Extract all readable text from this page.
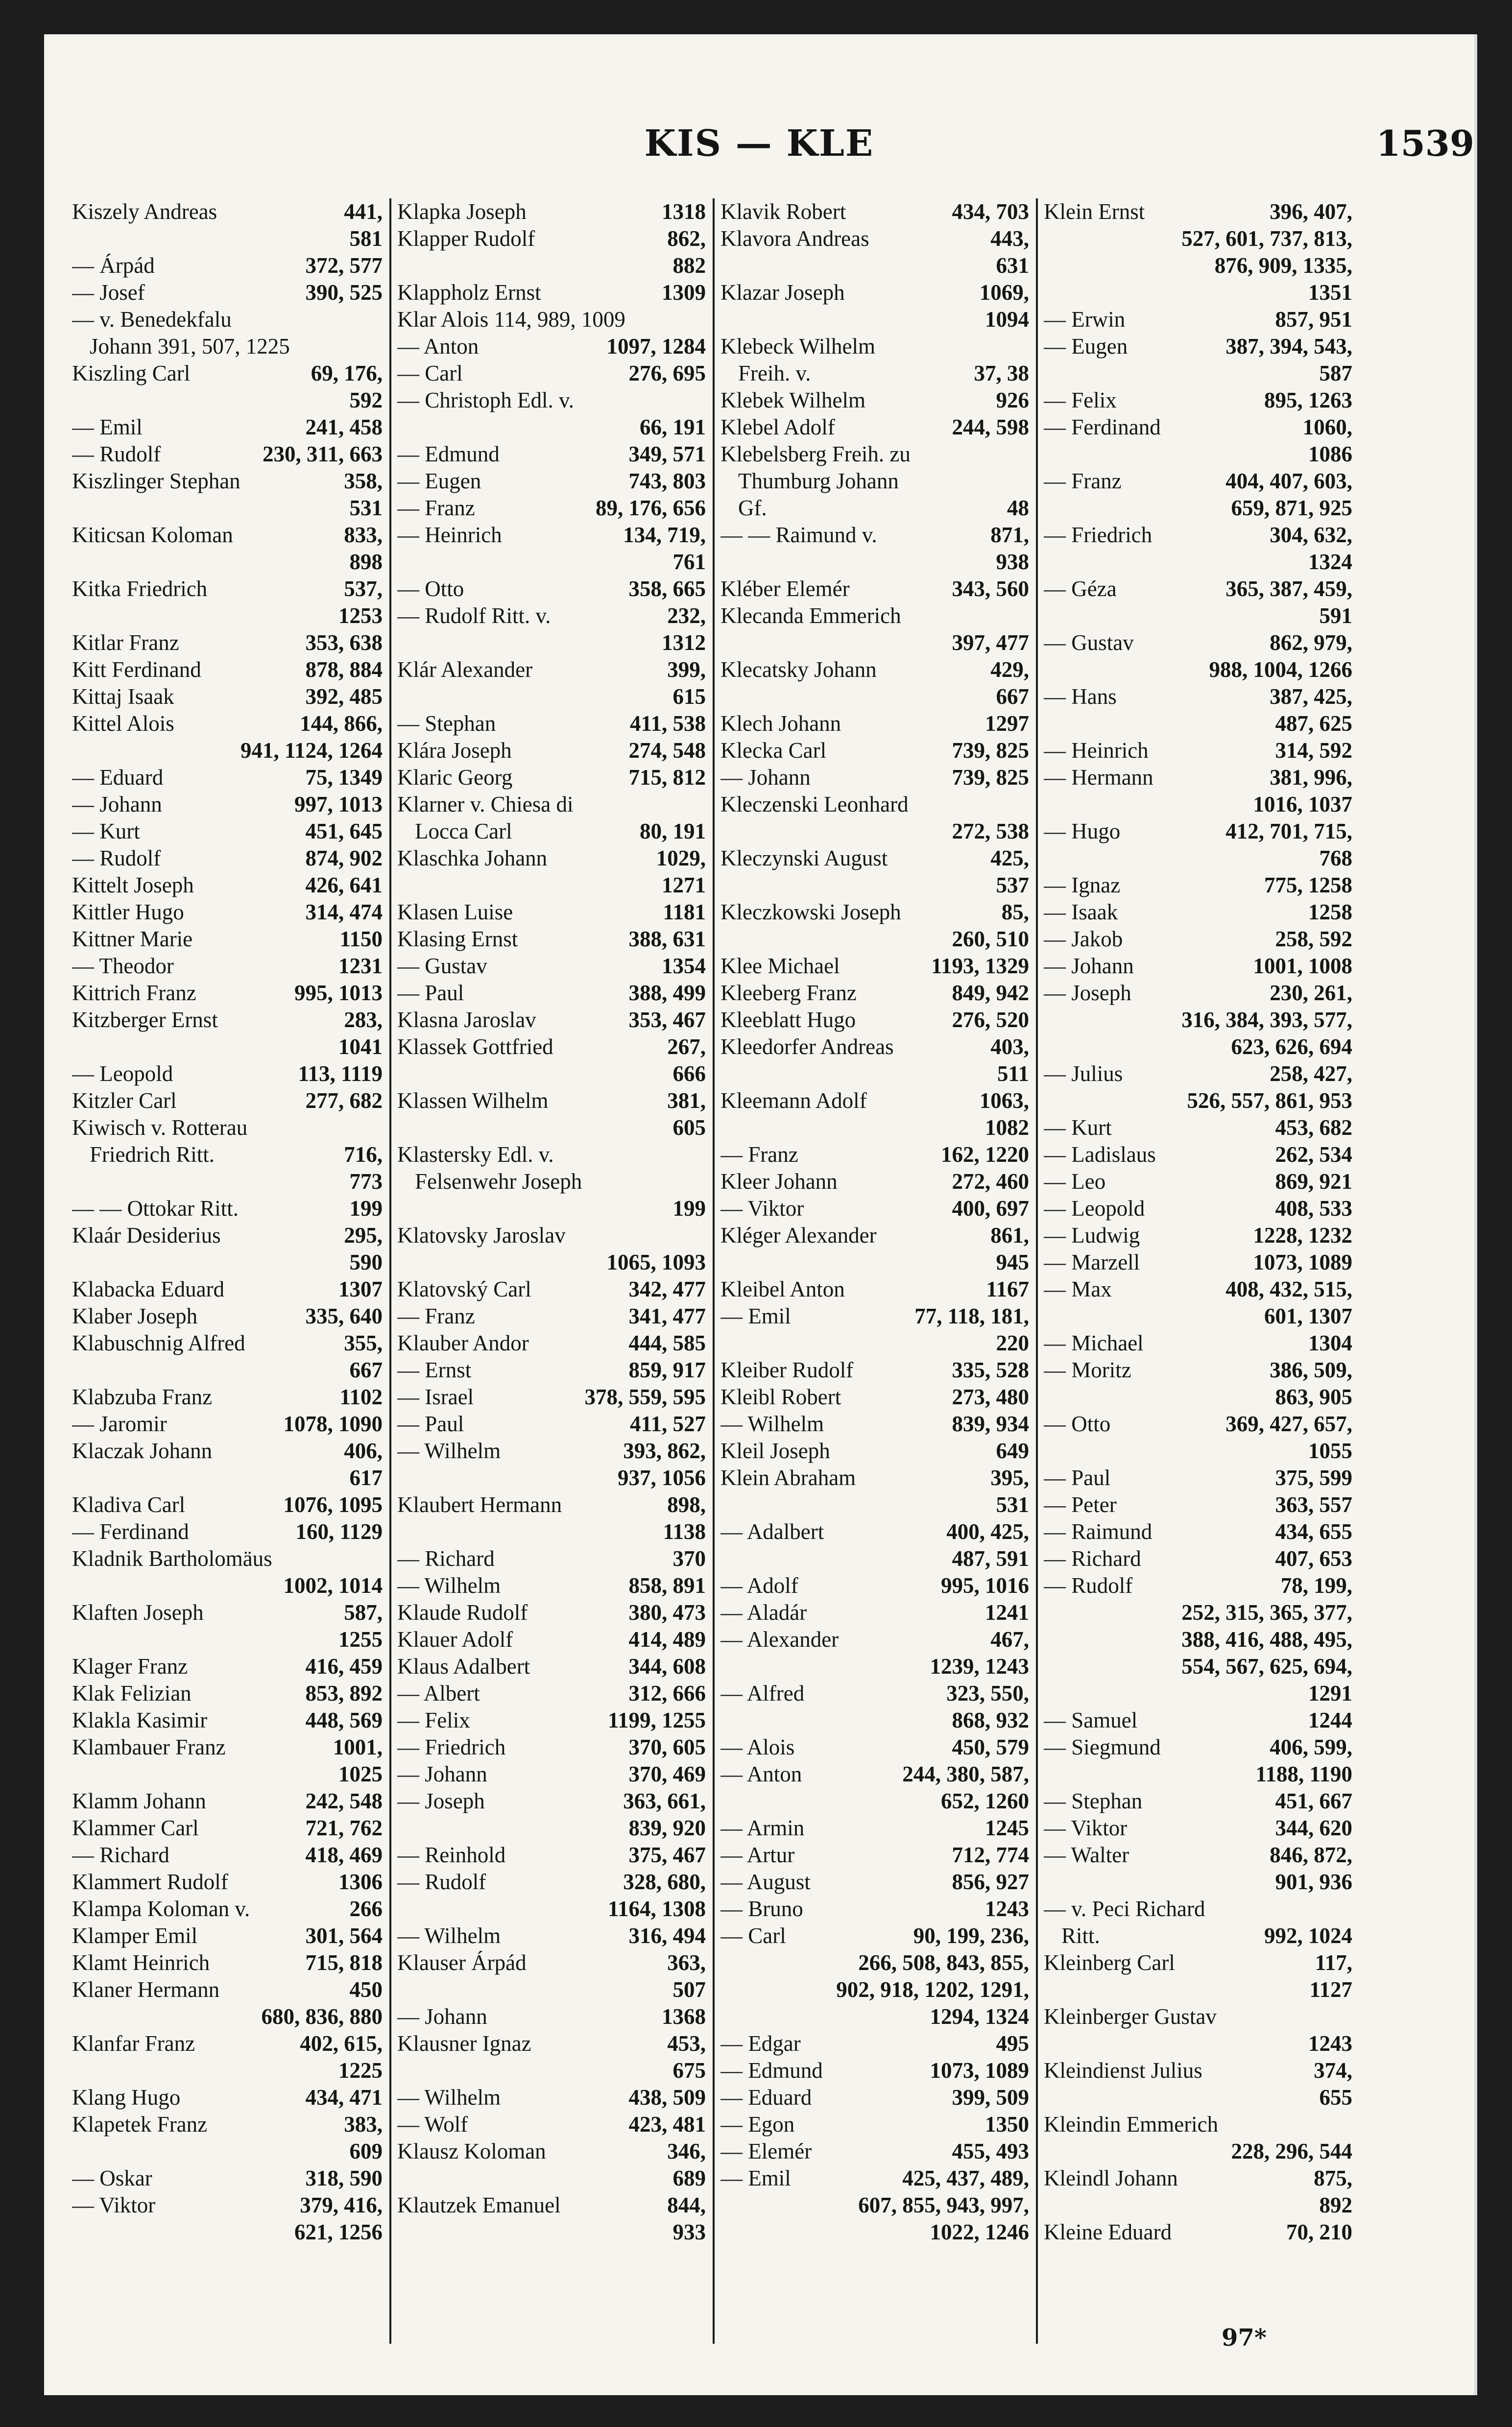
KIS — KLE	1539
Kiszely Andreas	441,
581
— Árpád	372, 577
— Josef	390, 525
— v. Benedekfalu
Johann 391, 507, 1225
Kiszling Carl	69, 176,
592
— Emil	241, 458
— Rudolf	230, 311, 663
Kiszlinger Stephan	358,
531
Kiticsan Koloman	833,
898
Kitka Friedrich	537,
1253
Kitlar Franz	353, 638
Kitt Ferdinand	878, 884
Kittaj Isaak	392, 485
Kittel Alois	144, 866,
941, 1124, 1264
— Eduard	75, 1349
— Johann	997, 1013
— Kurt	451, 645
— Rudolf	874, 902
Kittelt Joseph	426, 641
Kittler Hugo	314, 474
Kittner Marie	1150
— Theodor	1231
Kittrich Franz	995, 1013
Kitzberger Ernst	283,
1041
— Leopold	113, 1119
Kitzler Carl	277, 682
Kiwisch v. Rotterau
Friedrich Ritt.	716,
773
— — Ottokar Ritt.	199
Klaár Desiderius	295,
590
Klabacka Eduard	1307
Klaber Joseph	335, 640
Klabuschnig Alfred	355,
667
Klabzuba Franz	1102
— Jaromir	1078, 1090
Klaczak Johann	406,
617
Kladiva Carl	1076, 1095
— Ferdinand	160, 1129
Kladnik Bartholomäus
1002, 1014
Klaften Joseph	587,
1255
Klager Franz	416, 459
Klak Felizian	853, 892
Klakla Kasimir	448, 569
Klambauer Franz	1001,
1025
Klamm Johann	242, 548
Klammer Carl	721, 762
— Richard	418, 469
Klammert Rudolf	1306
Klampa Koloman v.	266
Klamper Emil	301, 564
Klamt Heinrich	715, 818
Klaner Hermann	450
680, 836, 880
Klanfar Franz	402, 615,
1225
Klang Hugo	434, 471
Klapetek Franz	383,
609
— Oskar	318, 590
— Viktor	379, 416,
621, 1256
Klapka Joseph	1318
Klapper Rudolf	862,
882
Klappholz Ernst	1309
Klar Alois 114, 989, 1009
— Anton	1097, 1284
— Carl	276, 695
— Christoph Edl. v.
66, 191
— Edmund	349, 571
— Eugen	743, 803
— Franz	89, 176, 656
— Heinrich	134, 719,
761
— Otto	358, 665
— Rudolf Ritt. v.	232,
1312
Klár Alexander	399,
615
— Stephan	411, 538
Klára Joseph	274, 548
Klaric Georg	715, 812
Klarner v. Chiesa di
Locca Carl	80, 191
Klaschka Johann	1029,
1271
Klasen Luise	1181
Klasing Ernst	388, 631
— Gustav	1354
— Paul	388, 499
Klasna Jaroslav	353, 467
Klassek Gottfried	267,
666
Klassen Wilhelm	381,
605
Klastersky Edl. v.
Felsenwehr Joseph
199
Klatovsky Jaroslav
1065, 1093
Klatovský Carl	342, 477
— Franz	341, 477
Klauber Andor	444, 585
— Ernst	859, 917
— Israel	378, 559, 595
— Paul	411, 527
— Wilhelm	393, 862,
937, 1056
Klaubert Hermann	898,
1138
— Richard	370
— Wilhelm	858, 891
Klaude Rudolf	380, 473
Klauer Adolf	414, 489
Klaus Adalbert	344, 608
— Albert	312, 666
— Felix	1199, 1255
— Friedrich	370, 605
— Johann	370, 469
— Joseph	363, 661,
839, 920
— Reinhold	375, 467
— Rudolf	328, 680,
1164, 1308
— Wilhelm	316, 494
Klauser Árpád	363,
507
— Johann	1368
Klausner Ignaz	453,
675
— Wilhelm	438, 509
— Wolf	423, 481
Klausz Koloman	346,
689
Klautzek Emanuel	844,
933
Klavik Robert	434, 703
Klavora Andreas	443,
631
Klazar Joseph	1069,
1094
Klebeck Wilhelm
Freih. v.	37, 38
Klebek Wilhelm	926
Klebel Adolf	244, 598
Klebelsberg Freih. zu
Thumburg Johann
Gf.	48
— — Raimund v.	871,
938
Kléber Elemér	343, 560
Klecanda Emmerich
397, 477
Klecatsky Johann	429,
667
Klech Johann	1297
Klecka Carl	739, 825
— Johann	739, 825
Kleczenski Leonhard
272, 538
Kleczynski August	425,
537
Kleczkowski Joseph	85,
260, 510
Klee Michael	1193, 1329
Kleeberg Franz	849, 942
Kleeblatt Hugo	276, 520
Kleedorfer Andreas	403,
511
Kleemann Adolf	1063,
1082
— Franz	162, 1220
Kleer Johann	272, 460
— Viktor	400, 697
Kléger Alexander	861,
945
Kleibel Anton	1167
— Emil	77, 118, 181,
220
Kleiber Rudolf	335, 528
Kleibl Robert	273, 480
— Wilhelm	839, 934
Kleil Joseph	649
Klein Abraham	395,
531
— Adalbert	400, 425,
487, 591
— Adolf	995, 1016
— Aladár	1241
— Alexander	467,
1239, 1243
— Alfred	323, 550,
868, 932
— Alois	450, 579
— Anton	244, 380, 587,
652, 1260
— Armin	1245
— Artur	712, 774
— August	856, 927
— Bruno	1243
— Carl	90, 199, 236,
266, 508, 843, 855,
902, 918, 1202, 1291,
1294, 1324
— Edgar	495
— Edmund	1073, 1089
— Eduard	399, 509
— Egon	1350
— Elemér	455, 493
— Emil	425, 437, 489,
607, 855, 943, 997,
1022, 1246
Klein Ernst	396, 407,
527, 601, 737, 813,
876, 909, 1335,
1351
— Erwin	857, 951
— Eugen	387, 394, 543,
587
— Felix	895, 1263
— Ferdinand	1060,
1086
— Franz	404, 407, 603,
659, 871, 925
— Friedrich	304, 632,
1324
— Géza	365, 387, 459,
591
— Gustav	862, 979,
988, 1004, 1266
— Hans	387, 425,
487, 625
— Heinrich	314, 592
— Hermann	381, 996,
1016, 1037
— Hugo	412, 701, 715,
768
— Ignaz	775, 1258
— Isaak	1258
— Jakob	258, 592
— Johann	1001, 1008
— Joseph	230, 261,
316, 384, 393, 577,
623, 626, 694
— Julius	258, 427,
526, 557, 861, 953
— Kurt	453, 682
— Ladislaus	262, 534
— Leo	869, 921
— Leopold	408, 533
— Ludwig	1228, 1232
— Marzell	1073, 1089
— Max	408, 432, 515,
601, 1307
— Michael	1304
— Moritz	386, 509,
863, 905
— Otto	369, 427, 657,
1055
— Paul	375, 599
— Peter	363, 557
— Raimund	434, 655
— Richard	407, 653
— Rudolf	78, 199,
252, 315, 365, 377,
388, 416, 488, 495,
554, 567, 625, 694,
1291
— Samuel	1244
— Siegmund	406, 599,
1188, 1190
— Stephan	451, 667
— Viktor	344, 620
— Walter	846, 872,
901, 936
— v. Peci Richard
Ritt.	992, 1024
Kleinberg Carl	117,
1127
Kleinberger Gustav
1243
Kleindienst Julius	374,
655
Kleindin Emmerich
228, 296, 544
Kleindl Johann	875,
892
Kleine Eduard	70, 210
97*
